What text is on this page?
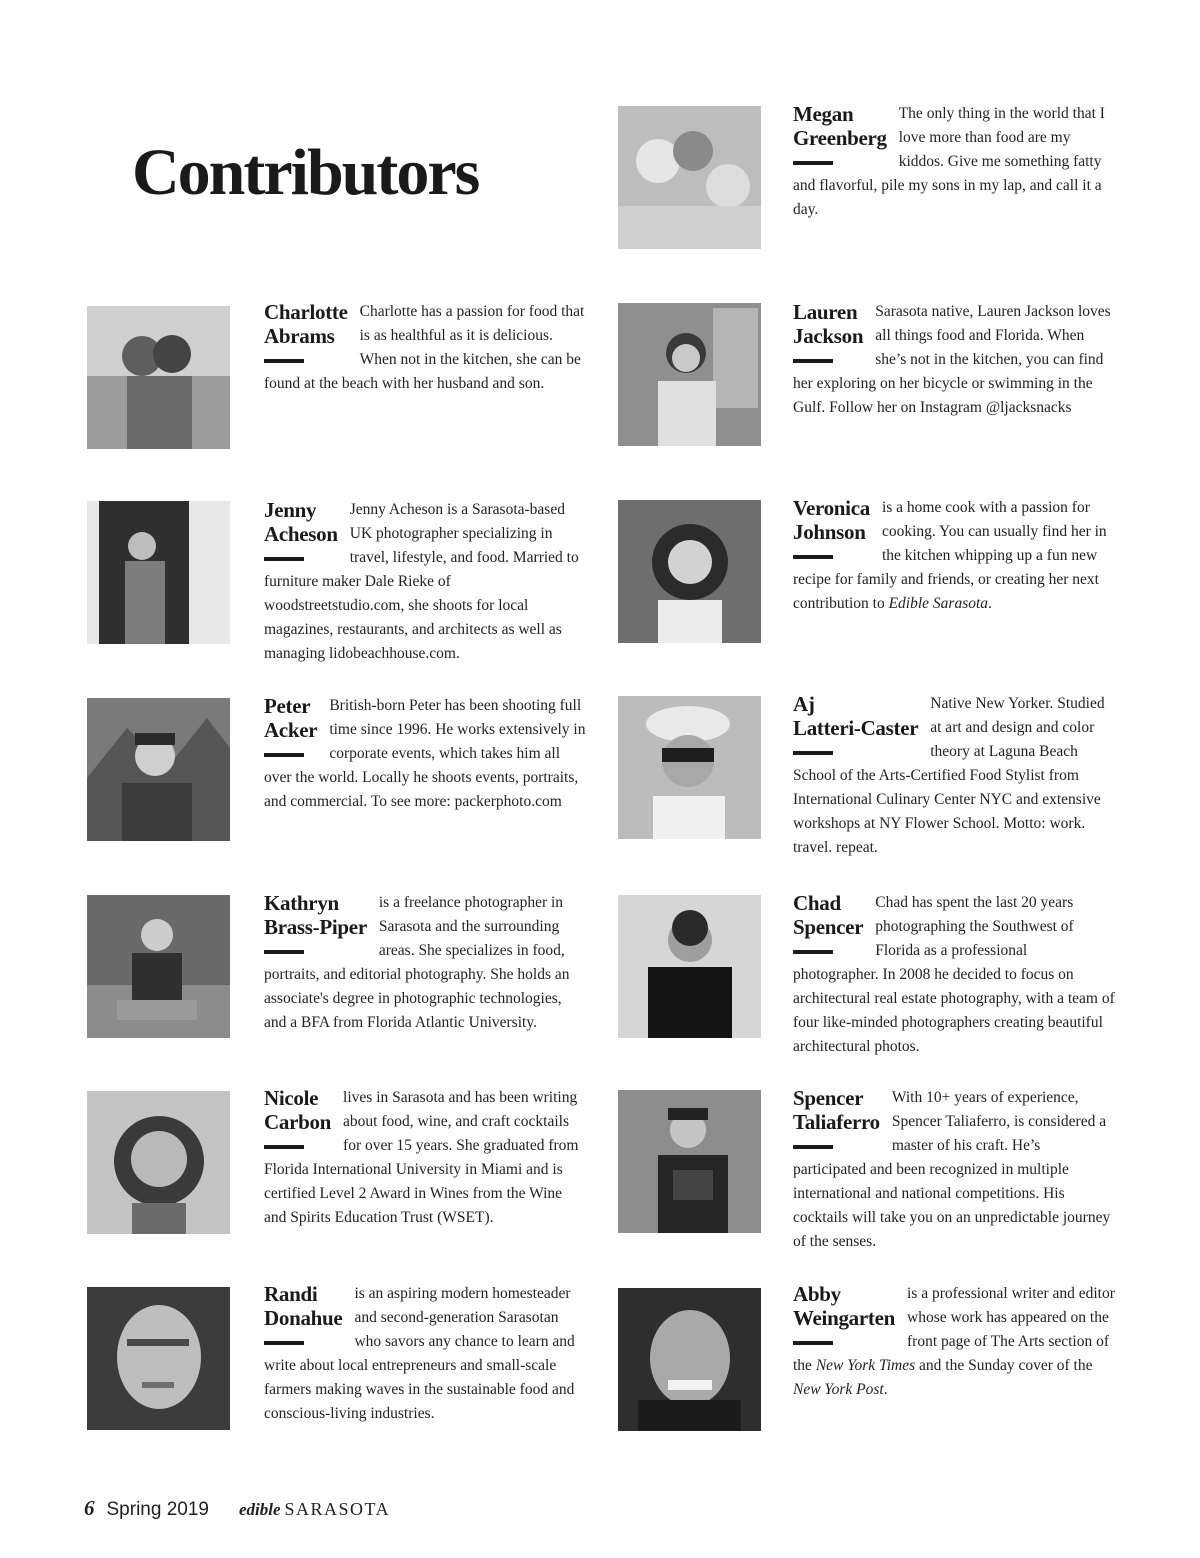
Contributors
Megan
Greenberg

The only thing in the world that I love more than food are my kiddos. Give me something fatty and flavorful, pile my sons in my lap, and call it a day.

Charlotte
Abrams

Charlotte has a passion for food that is as healthful as it is delicious. When not in the kitchen, she can be found at the beach with her husband and son.

Lauren
Jackson

Sarasota native, Lauren Jackson loves all things food and Florida. When she’s not in the kitchen, you can find her exploring on her bicycle or swimming in the Gulf. Follow her on Instagram @ljacksnacks

Jenny
Acheson

Jenny Acheson is a Sarasota-based UK photographer specializing in travel, lifestyle, and food. Married to furniture maker Dale Rieke of woodstreetstudio.com, she shoots for local magazines, restaurants, and architects as well as managing lidobeachhouse.com.

Veronica
Johnson

is a home cook with a passion for cooking. You can usually find her in the kitchen whipping up a fun new recipe for family and friends, or creating her next contribution to Edible Sarasota.

Peter
Acker

British-born Peter has been shooting full time since 1996. He works extensively in corporate events, which takes him all over the world. Locally he shoots events, portraits, and commercial. To see more: packerphoto.com

Aj
Latteri-Caster

Native New Yorker. Studied at art and design and color theory at Laguna Beach School of the Arts-Certified Food Stylist from International Culinary Center NYC and extensive workshops at NY Flower School. Motto: work. travel. repeat.

Kathryn
Brass-Piper

is a freelance photographer in Sarasota and the surrounding areas. She specializes in food, portraits, and editorial photography. She holds an associate's degree in photographic technologies, and a BFA from Florida Atlantic University.

Chad
Spencer

Chad has spent the last 20 years photographing the Southwest of Florida as a professional photographer. In 2008 he decided to focus on architectural real estate photography, with a team of four like-minded photographers creating beautiful architectural photos.

Nicole
Carbon

lives in Sarasota and has been writing about food, wine, and craft cocktails for over 15 years. She graduated from Florida International University in Miami and is certified Level 2 Award in Wines from the Wine and Spirits Education Trust (WSET).

Spencer
Taliaferro

With 10+ years of experience, Spencer Taliaferro, is considered a master of his craft. He’s participated and been recognized in multiple international and national competitions. His cocktails will take you on an unpredictable journey of the senses.

Randi
Donahue

is an aspiring modern homesteader and second-generation Sarasotan who savors any chance to learn and write about local entrepreneurs and small-scale farmers making waves in the sustainable food and conscious-living industries.

Abby
Weingarten

is a professional writer and editor whose work has appeared on the front page of The Arts section of the New York Times and the Sunday cover of the New York Post.

6 Spring 2019 edible SARASOTA
